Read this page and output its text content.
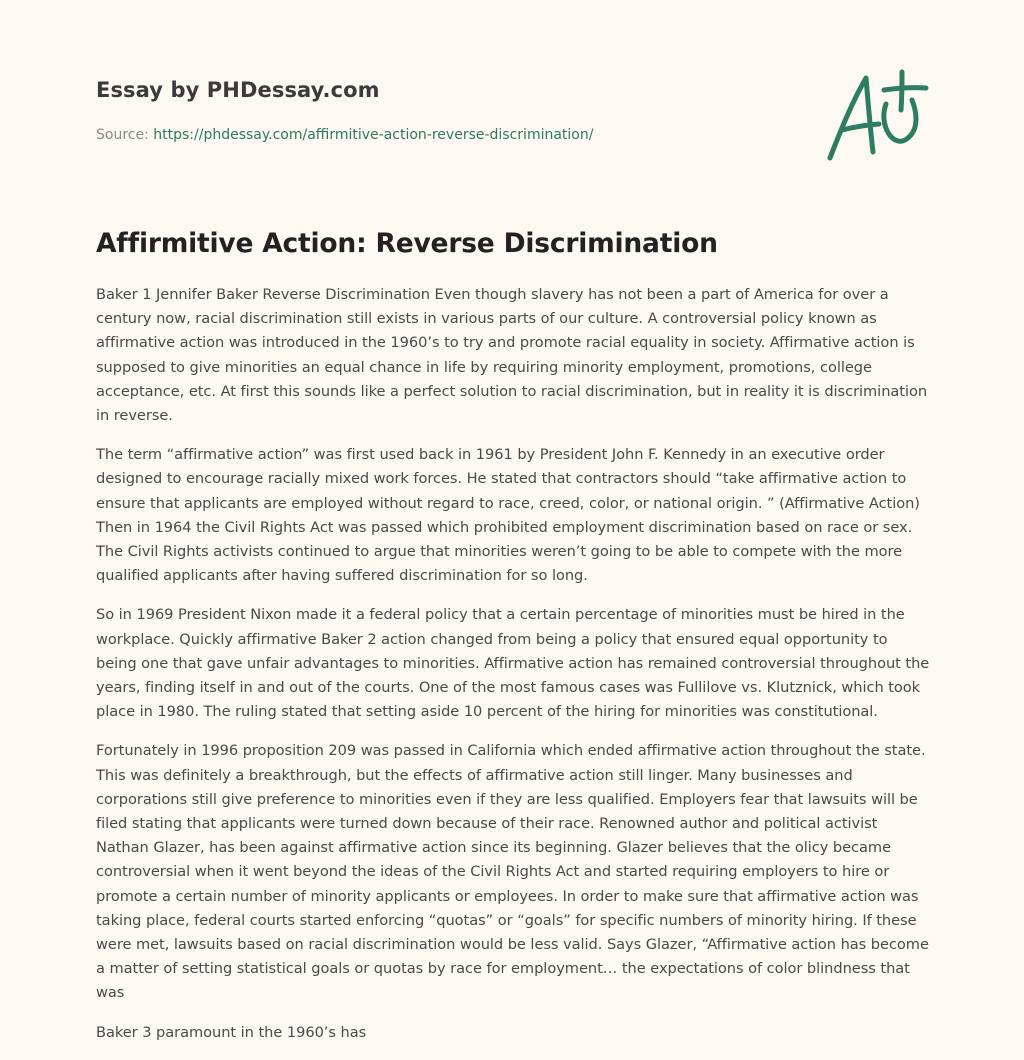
Essay by PHDessay.com
Source: https://phdessay.com/affirmitive-action-reverse-discrimination/
Affirmitive Action: Reverse Discrimination

Baker 1 Jennifer Baker Reverse Discrimination Even though slavery has not been a part of America for over a century now, racial discrimination still exists in various parts of our culture. A controversial policy known as affirmative action was introduced in the 1960’s to try and promote racial equality in society. Affirmative action is supposed to give minorities an equal chance in life by requiring minority employment, promotions, college acceptance, etc. At first this sounds like a perfect solution to racial discrimination, but in reality it is discrimination in reverse.

The term “affirmative action” was first used back in 1961 by President John F. Kennedy in an executive order designed to encourage racially mixed work forces. He stated that contractors should “take affirmative action to ensure that applicants are employed without regard to race, creed, color, or national origin. ” (Affirmative Action) Then in 1964 the Civil Rights Act was passed which prohibited employment discrimination based on race or sex. The Civil Rights activists continued to argue that minorities weren’t going to be able to compete with the more qualified applicants after having suffered discrimination for so long.

So in 1969 President Nixon made it a federal policy that a certain percentage of minorities must be hired in the workplace. Quickly affirmative Baker 2 action changed from being a policy that ensured equal opportunity to being one that gave unfair advantages to minorities. Affirmative action has remained controversial throughout the years, finding itself in and out of the courts. One of the most famous cases was Fullilove vs. Klutznick, which took place in 1980. The ruling stated that setting aside 10 percent of the hiring for minorities was constitutional.

Fortunately in 1996 proposition 209 was passed in California which ended affirmative action throughout the state. This was definitely a breakthrough, but the effects of affirmative action still linger. Many businesses and corporations still give preference to minorities even if they are less qualified. Employers fear that lawsuits will be filed stating that applicants were turned down because of their race. Renowned author and political activist Nathan Glazer, has been against affirmative action since its beginning. Glazer believes that the olicy became controversial when it went beyond the ideas of the Civil Rights Act and started requiring employers to hire or promote a certain number of minority applicants or employees. In order to make sure that affirmative action was taking place, federal courts started enforcing “quotas” or “goals” for specific numbers of minority hiring. If these were met, lawsuits based on racial discrimination would be less valid. Says Glazer, “Affirmative action has become a matter of setting statistical goals or quotas by race for employment… the expectations of color blindness that was

Baker 3 paramount in the 1960’s has
